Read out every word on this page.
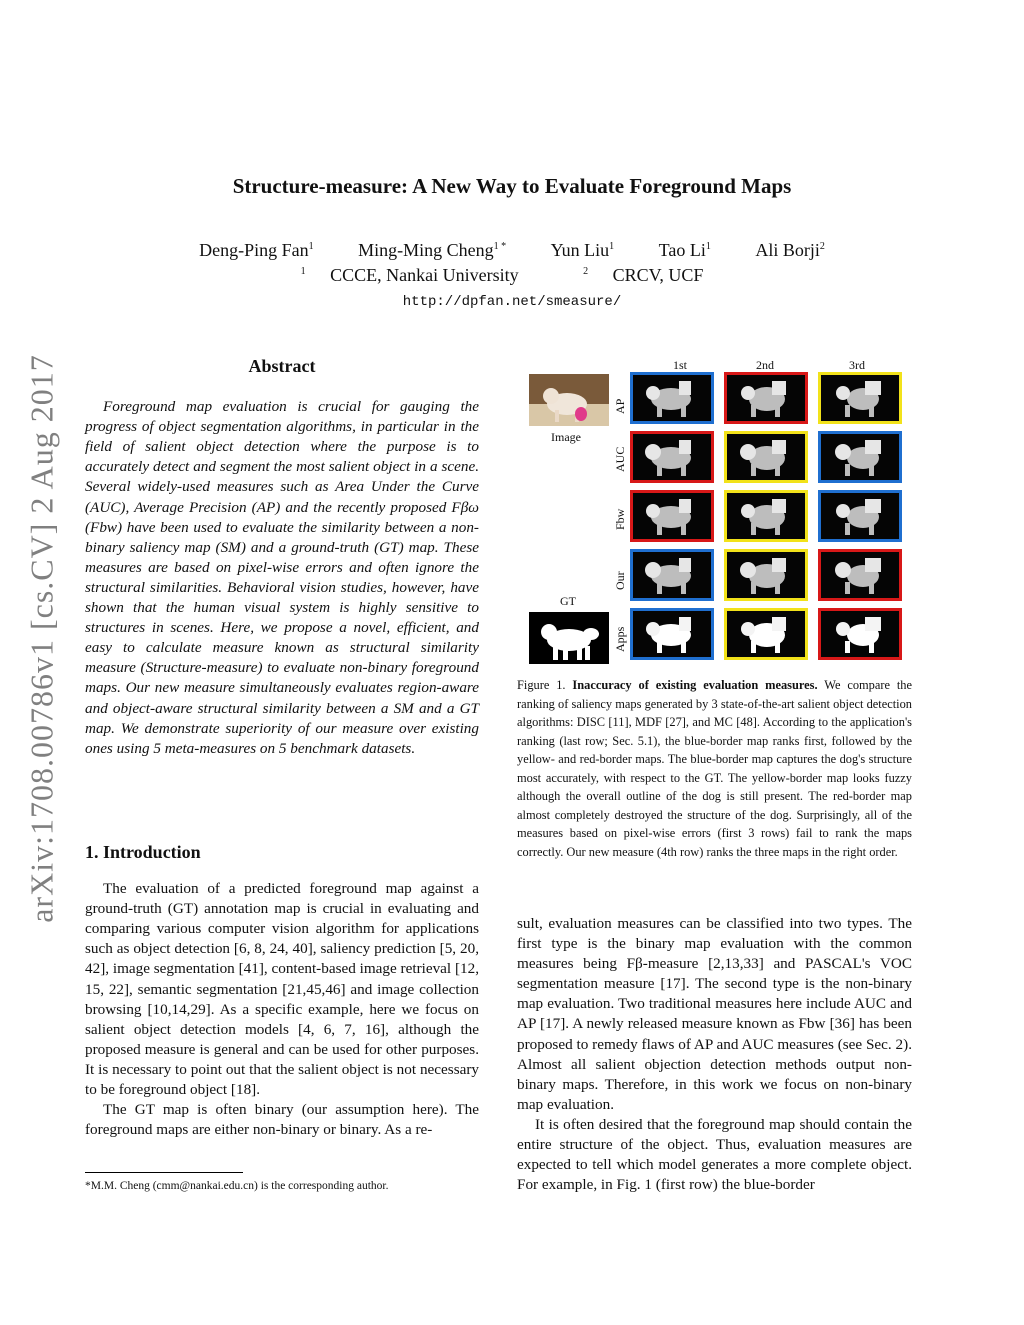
Structure-measure: A New Way to Evaluate Foreground Maps
Deng-Ping Fan$^1$ Ming-Ming Cheng$^{1 *}$ Yun Liu$^1$ Tao Li$^1$ Ali Borji$^2$
$^1$ CCCE, Nankai University	$^2$ CRCV, UCF
http://dpfan.net/smeasure/
arXiv:1708.00786v1 [cs.CV] 2 Aug 2017	Abstract

Foreground map evaluation is crucial for gauging the progress of object segmentation algorithms, in particular in the field of salient object detection where the purpose is to accurately detect and segment the most salient object in a scene. Several widely-used measures such as Area Under the Curve (AUC), Average Precision (AP) and the recently proposed Fβω (Fbw) have been used to evaluate the similarity between a non-binary saliency map (SM) and a ground-truth (GT) map. These measures are based on pixel-wise errors and often ignore the structural similarities. Behavioral vision studies, however, have shown that the human visual system is highly sensitive to structures in scenes. Here, we propose a novel, efficient, and easy to calculate measure known as structural similarity measure (Structure-measure) to evaluate non-binary foreground maps. Our new measure simultaneously evaluates region-aware and object-aware structural similarity between a SM and a GT map. We demonstrate superiority of our measure over existing ones using 5 meta-measures on 5 benchmark datasets.

1. Introduction

The evaluation of a predicted foreground map against a ground-truth (GT) annotation map is crucial in evaluating and comparing various computer vision algorithm for applications such as object detection [6, 8, 24, 40], saliency prediction [5, 20, 42], image segmentation [41], content-based image retrieval [12, 15, 22], semantic segmentation [21,45,46] and image collection browsing [10,14,29]. As a specific example, here we focus on salient object detection models [4, 6, 7, 16], although the proposed measure is general and can be used for other purposes. It is necessary to point out that the salient object is not necessary to be foreground object [18].

The GT map is often binary (our assumption here). The foreground maps are either non-binary or binary. As a re-

*M.M. Cheng (cmm@nankai.edu.cn) is the corresponding author.
1st	2nd	3rd
Image
GT
AP
AUC
Fbw
Our
Apps
Figure 1. Inaccuracy of existing evaluation measures. We compare the ranking of saliency maps generated by 3 state-of-the-art salient object detection algorithms: DISC [11], MDF [27], and MC [48]. According to the application's ranking (last row; Sec. 5.1), the blue-border map ranks first, followed by the yellow- and red-border maps. The blue-border map captures the dog's structure most accurately, with respect to the GT. The yellow-border map looks fuzzy although the overall outline of the dog is still present. The red-border map almost completely destroyed the structure of the dog. Surprisingly, all of the measures based on pixel-wise errors (first 3 rows) fail to rank the maps correctly. Our new measure (4th row) ranks the three maps in the right order.

sult, evaluation measures can be classified into two types. The first type is the binary map evaluation with the common measures being Fβ-measure [2,13,33] and PASCAL's VOC segmentation measure [17]. The second type is the non-binary map evaluation. Two traditional measures here include AUC and AP [17]. A newly released measure known as Fbw [36] has been proposed to remedy flaws of AP and AUC measures (see Sec. 2). Almost all salient objection detection methods output non-binary maps. Therefore, in this work we focus on non-binary map evaluation.

It is often desired that the foreground map should contain the entire structure of the object. Thus, evaluation measures are expected to tell which model generates a more complete object. For example, in Fig. 1 (first row) the blue-border
